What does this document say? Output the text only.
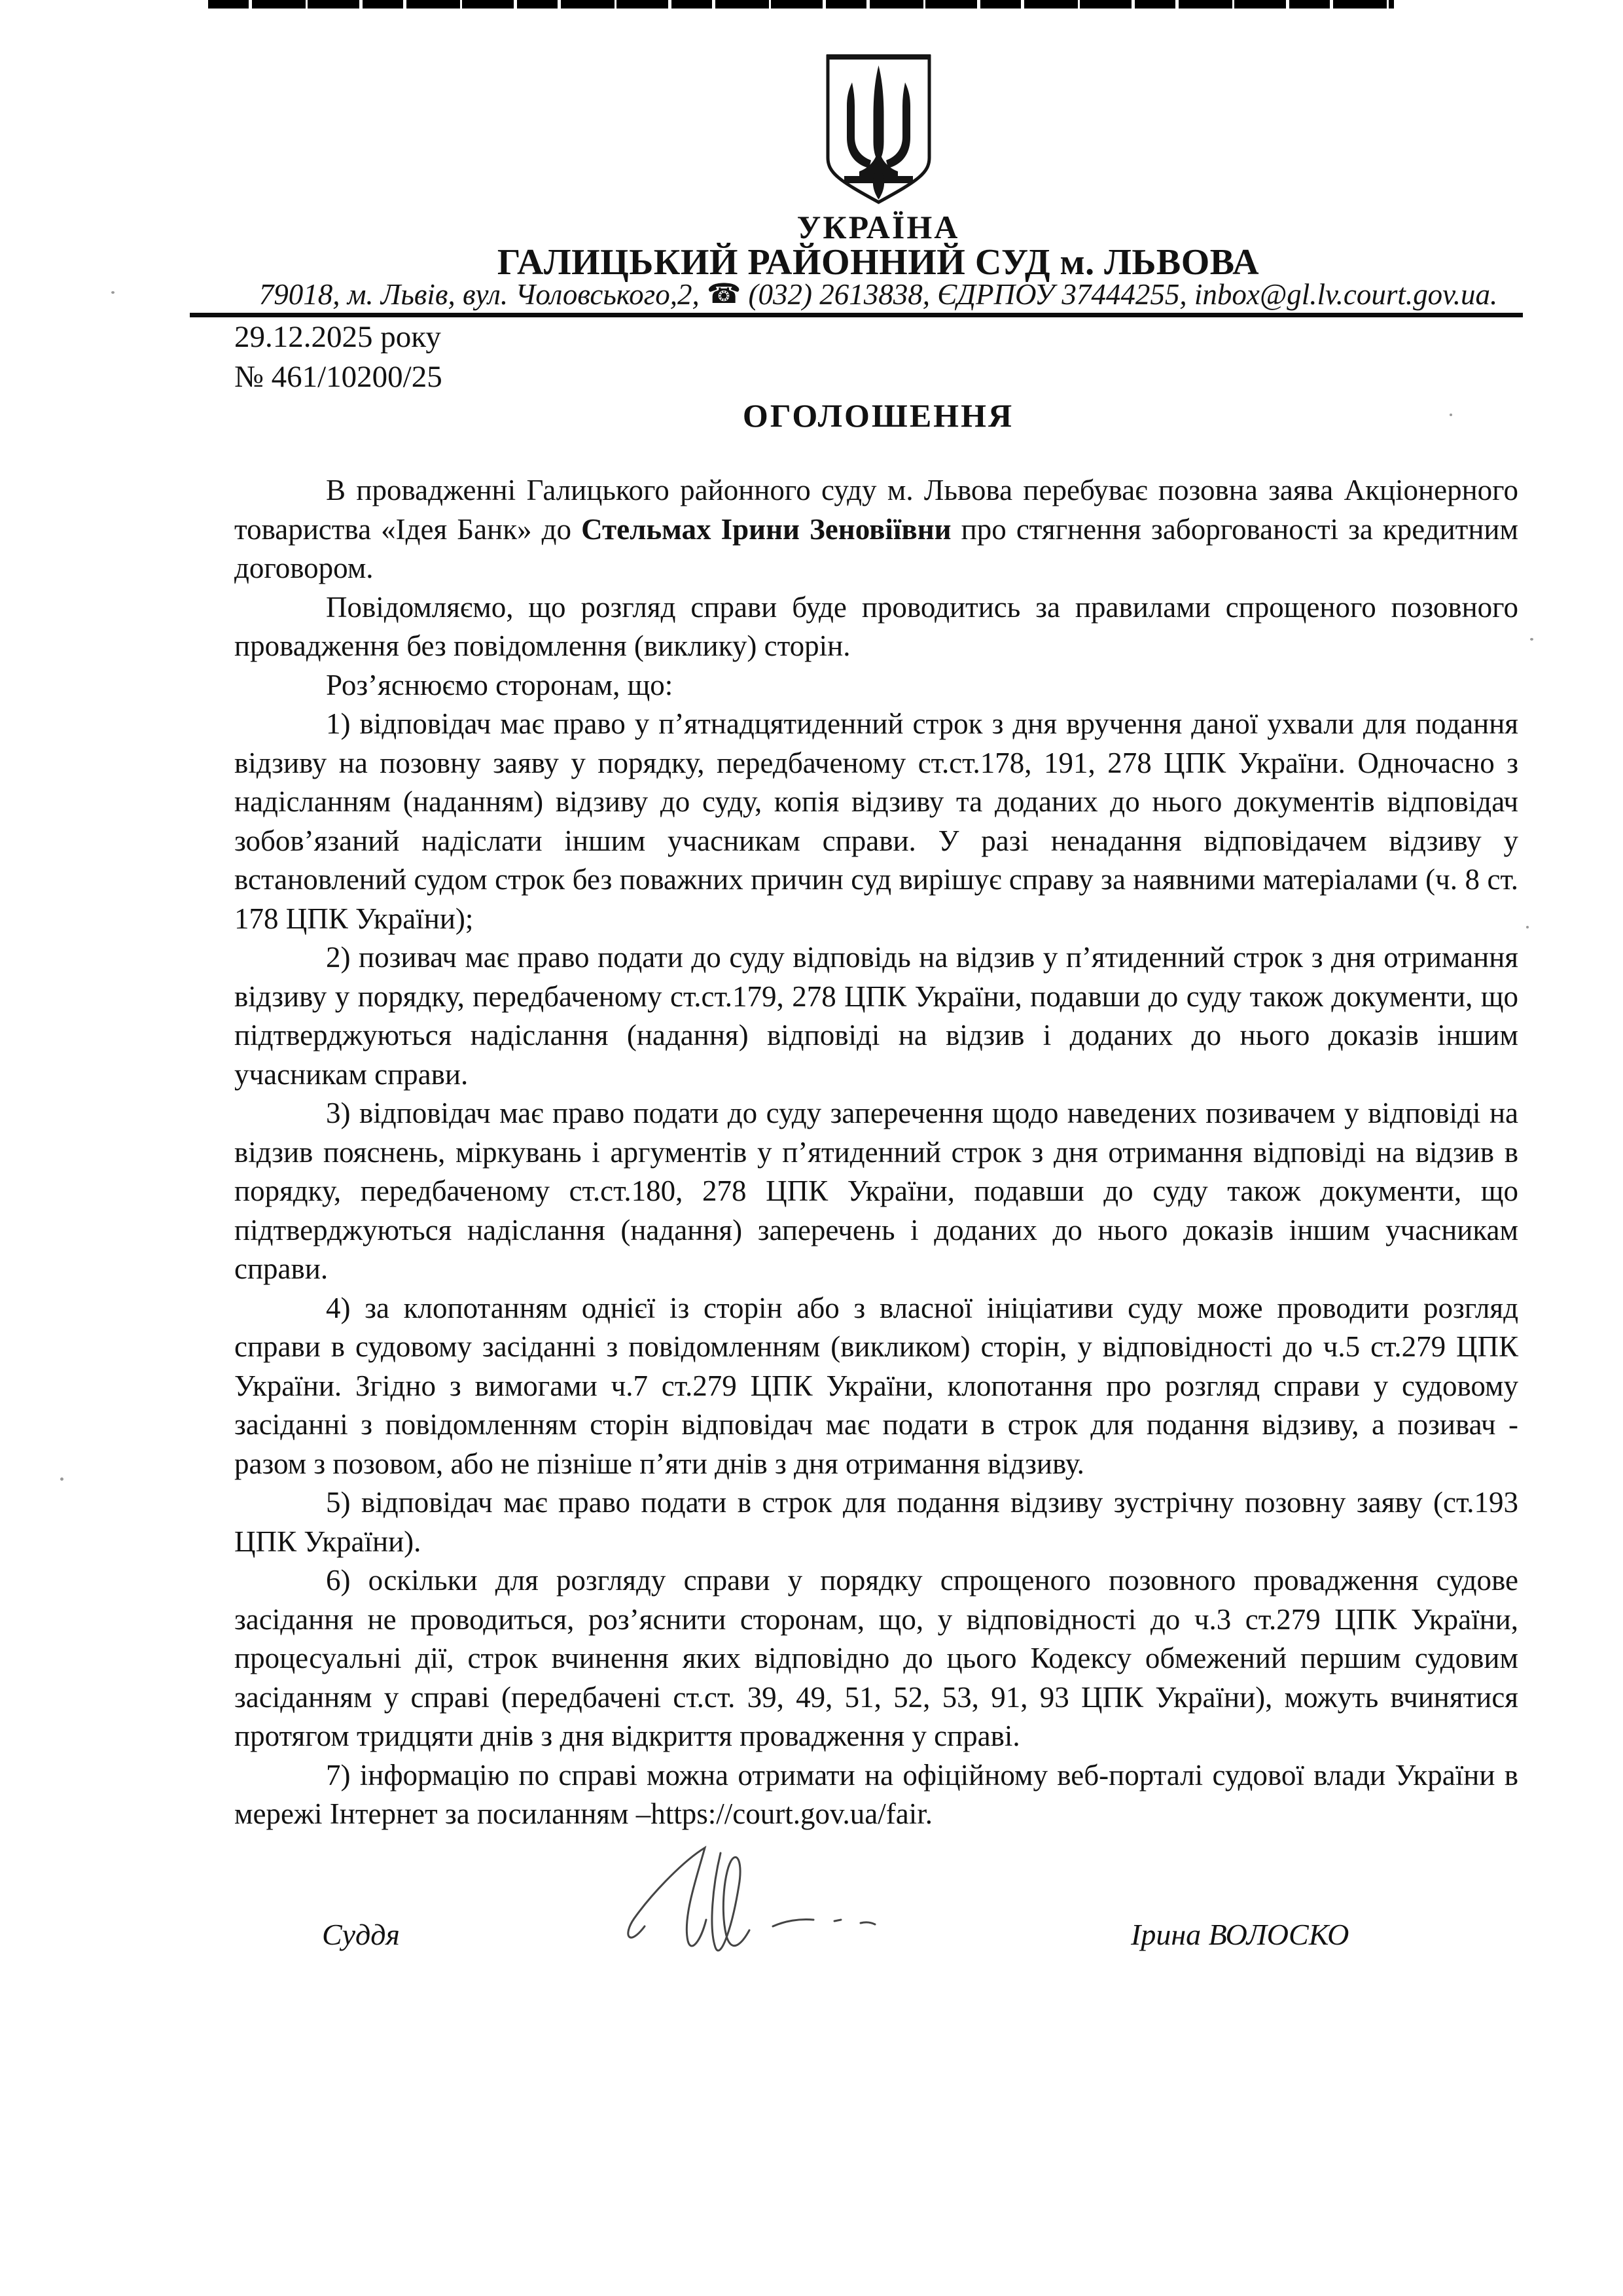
УКРАЇНА
ГАЛИЦЬКИЙ РАЙОННИЙ СУД м. ЛЬВОВА
79018, м. Львів, вул. Чоловського,2, ☎ (032) 2613838, ЄДРПОУ 37444255, inbox@gl.lv.court.gov.ua.
29.12.2025 року
№ 461/10200/25
ОГОЛОШЕННЯ

В провадженні Галицького районного суду м. Львова перебуває позовна заява Акціонерного товариства «Ідея Банк» до Стельмах Ірини Зеновіївни про стягнення заборгованості за кредитним договором.

Повідомляємо, що розгляд справи буде проводитись за правилами спрощеного позовного провадження без повідомлення (виклику) сторін.

Роз’яснюємо сторонам, що:

1) відповідач має право у п’ятнадцятиденний строк з дня вручення даної ухвали для подання відзиву на позовну заяву у порядку, передбаченому ст.ст.178, 191, 278 ЦПК України. Одночасно з надісланням (наданням) відзиву до суду, копія відзиву та доданих до нього документів відповідач зобов’язаний надіслати іншим учасникам справи. У разі ненадання відповідачем відзиву у встановлений судом строк без поважних причин суд вирішує справу за наявними матеріалами (ч. 8 ст. 178 ЦПК України);

2) позивач має право подати до суду відповідь на відзив у п’ятиденний строк з дня отримання відзиву у порядку, передбаченому ст.ст.179, 278 ЦПК України, подавши до суду також документи, що підтверджуються надіслання (надання) відповіді на відзив і доданих до нього доказів іншим учасникам справи.

3) відповідач має право подати до суду заперечення щодо наведених позивачем у відповіді на відзив пояснень, міркувань і аргументів у п’ятиденний строк з дня отримання відповіді на відзив в порядку, передбаченому ст.ст.180, 278 ЦПК України, подавши до суду також документи, що підтверджуються надіслання (надання) заперечень і доданих до нього доказів іншим учасникам справи.

4) за клопотанням однієї із сторін або з власної ініціативи суду може проводити розгляд справи в судовому засіданні з повідомленням (викликом) сторін, у відповідності до ч.5 ст.279 ЦПК України. Згідно з вимогами ч.7 ст.279 ЦПК України, клопотання про розгляд справи у судовому засіданні з повідомленням сторін відповідач має подати в строк для подання відзиву, а позивач - разом з позовом, або не пізніше п’яти днів з дня отримання відзиву.

5) відповідач має право подати в строк для подання відзиву зустрічну позовну заяву (ст.193 ЦПК України).

6) оскільки для розгляду справи у порядку спрощеного позовного провадження судове засідання не проводиться, роз’яснити сторонам, що, у відповідності до ч.3 ст.279 ЦПК України, процесуальні дії, строк вчинення яких відповідно до цього Кодексу обмежений першим судовим засіданням у справі (передбачені ст.ст. 39, 49, 51, 52, 53, 91, 93 ЦПК України), можуть вчинятися протягом тридцяти днів з дня відкриття провадження у справі.

7) інформацію по справі можна отримати на офіційному веб-порталі судової влади України в мережі Інтернет за посиланням –https://court.gov.ua/fair.

Суддя	Ірина ВОЛОСКО
